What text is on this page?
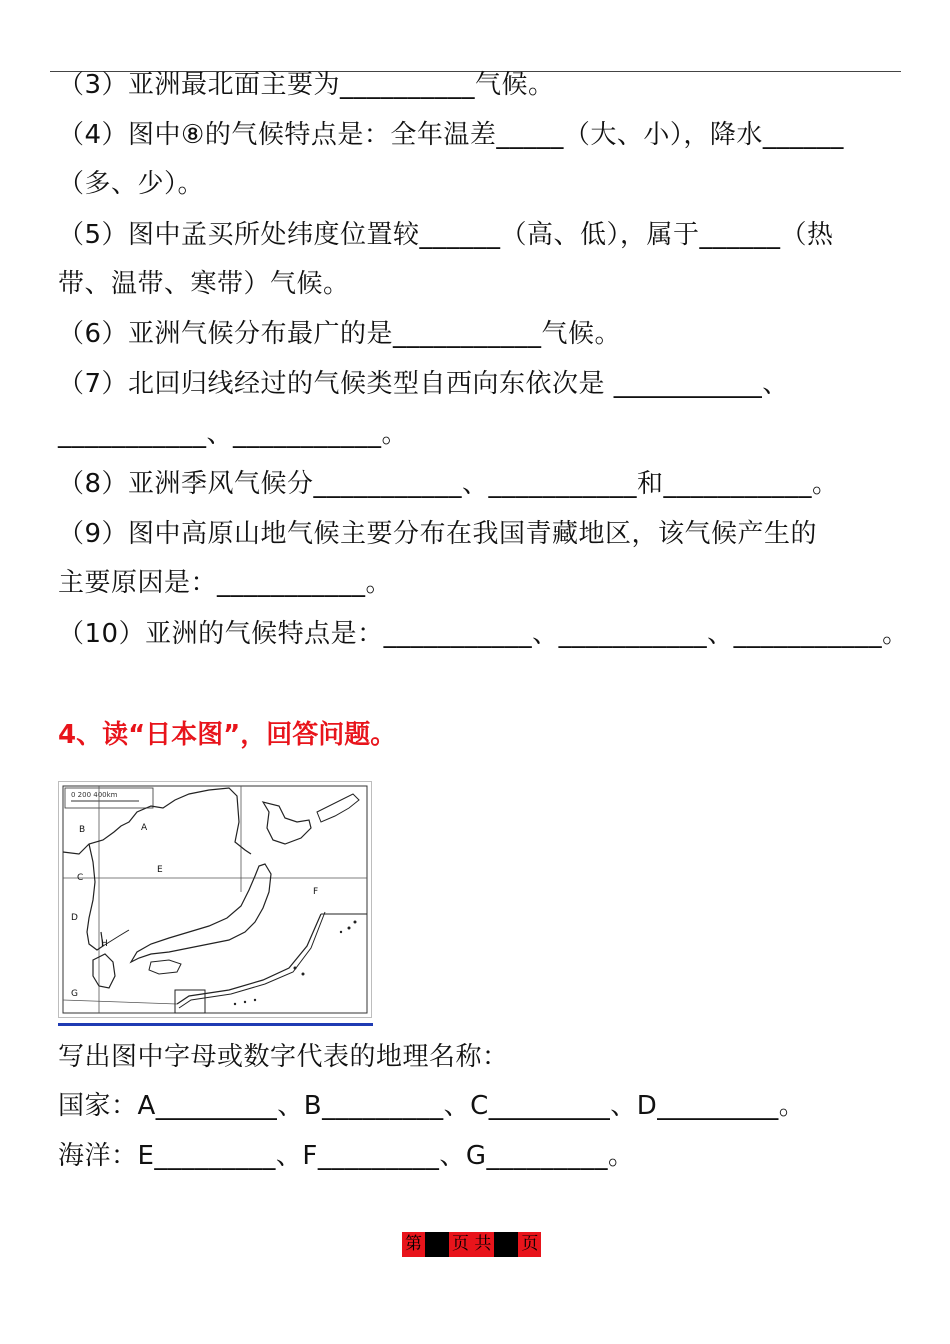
（3）亚洲最北面主要为__________气候。
（4）图中⑧的气候特点是：全年温差_____（大、小），降水______
（多、少）。
（5）图中孟买所处纬度位置较______（高、低），属于______（热
带、温带、寒带）气候。
（6）亚洲气候分布最广的是___________气候。
（7）北回归线经过的气候类型自西向东依次是 ___________、
___________、___________。
（8）亚洲季风气候分___________、___________和___________。
（9）图中高原山地气候主要分布在我国青藏地区，该气候产生的
主要原因是：___________。
（10）亚洲的气候特点是：___________、___________、___________。
4、读“日本图”，回答问题。
0 200 400km
A
B
C
D
E
F
G
H
写出图中字母或数字代表的地理名称：
国家：A_________、B_________、C_________、D_________。
海洋：E_________、F_________、G_________。
第 页 共 页
